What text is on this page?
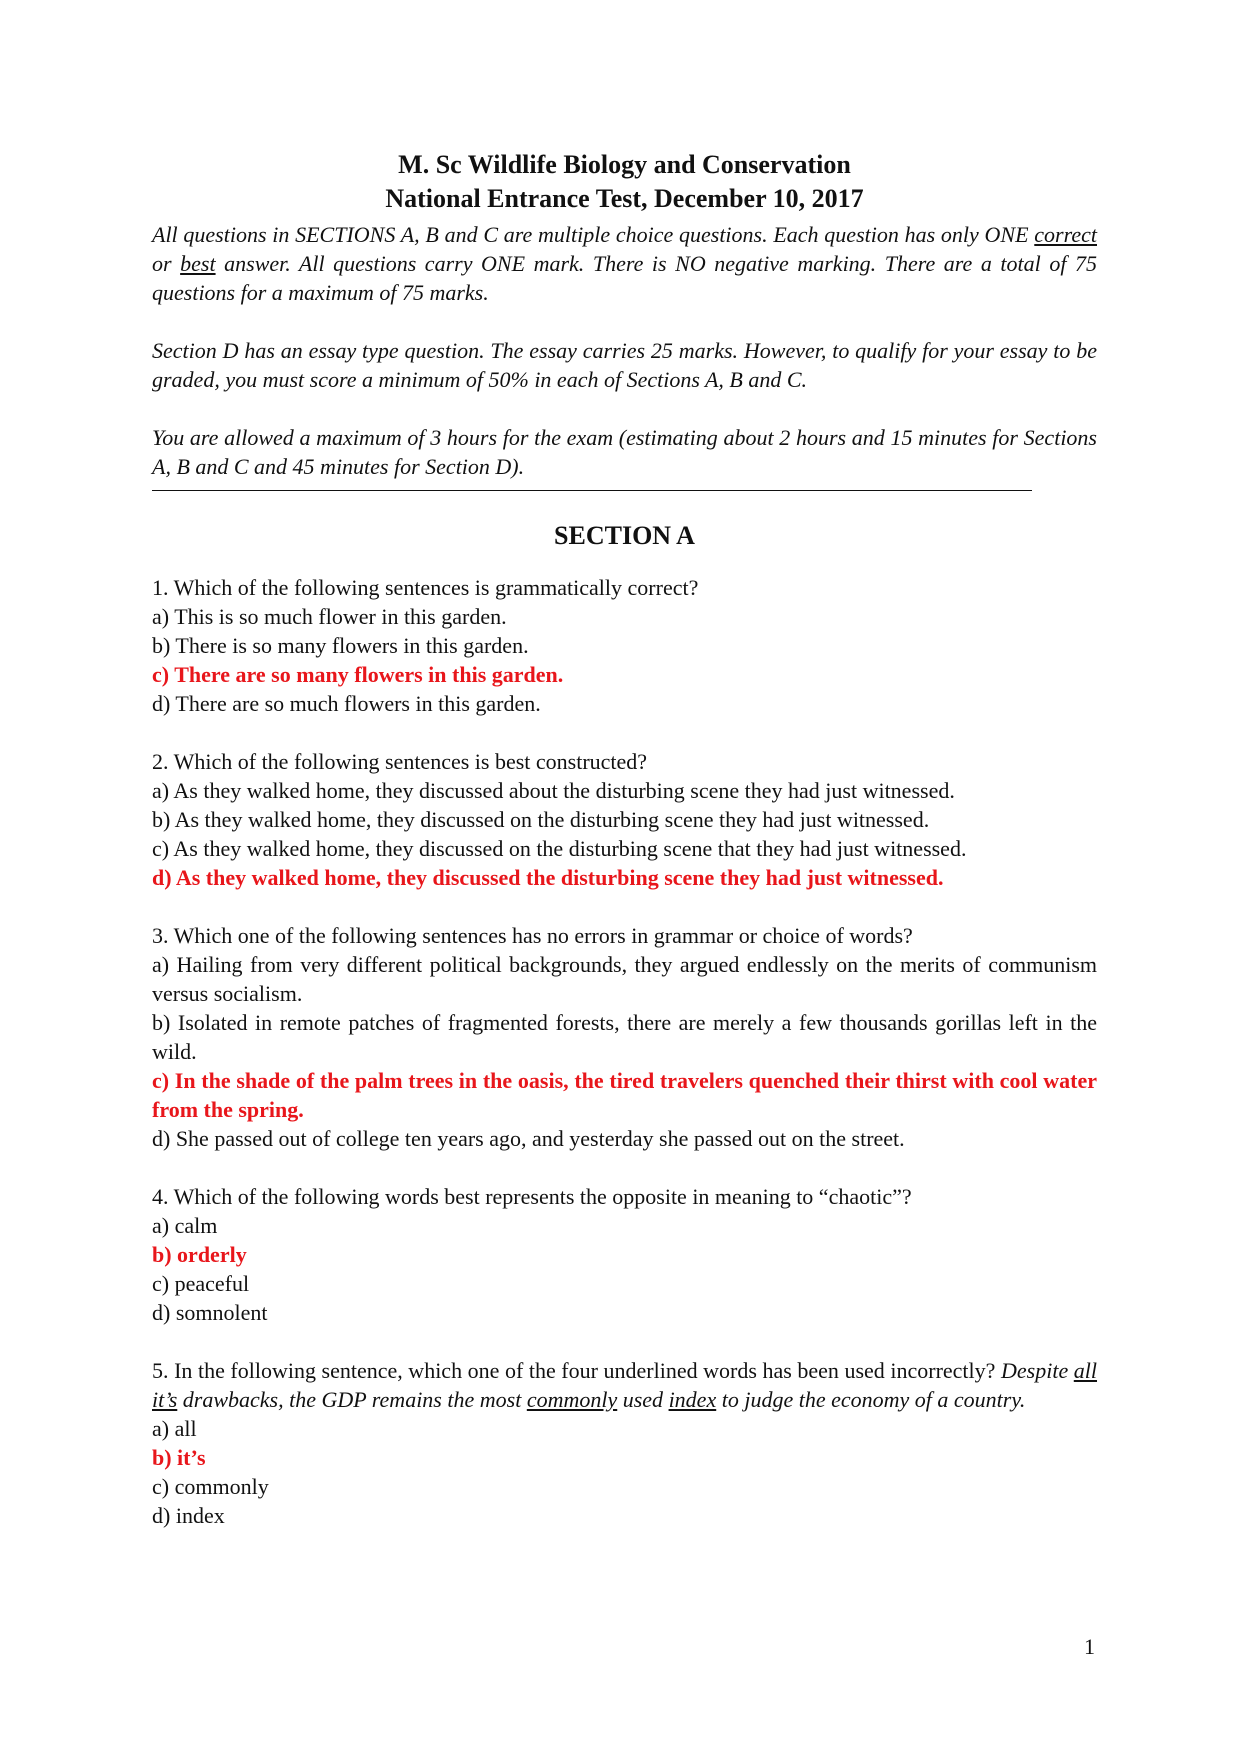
M. Sc Wildlife Biology and Conservation
National Entrance Test, December 10, 2017

All questions in SECTIONS A, B and C are multiple choice questions. Each question has only ONE correct or best answer. All questions carry ONE mark. There is NO negative marking. There are a total of 75 questions for a maximum of 75 marks.

Section D has an essay type question. The essay carries 25 marks. However, to qualify for your essay to be graded, you must score a minimum of 50% in each of Sections A, B and C.

You are allowed a maximum of 3 hours for the exam (estimating about 2 hours and 15 minutes for Sections A, B and C and 45 minutes for Section D).

SECTION A

1. Which of the following sentences is grammatically correct?

a) This is so much flower in this garden.

b) There is so many flowers in this garden.

c) There are so many flowers in this garden.

d) There are so much flowers in this garden.

2. Which of the following sentences is best constructed?

a) As they walked home, they discussed about the disturbing scene they had just witnessed.

b) As they walked home, they discussed on the disturbing scene they had just witnessed.

c) As they walked home, they discussed on the disturbing scene that they had just witnessed.

d) As they walked home, they discussed the disturbing scene they had just witnessed.

3. Which one of the following sentences has no errors in grammar or choice of words?

a) Hailing from very different political backgrounds, they argued endlessly on the merits of communism versus socialism.

b) Isolated in remote patches of fragmented forests, there are merely a few thousands gorillas left in the wild.

c) In the shade of the palm trees in the oasis, the tired travelers quenched their thirst with cool water from the spring.

d) She passed out of college ten years ago, and yesterday she passed out on the street.

4. Which of the following words best represents the opposite in meaning to “chaotic”?

a) calm

b) orderly

c) peaceful

d) somnolent

5. In the following sentence, which one of the four underlined words has been used incorrectly? Despite all it’s drawbacks, the GDP remains the most commonly used index to judge the economy of a country.

a) all

b) it’s

c) commonly

d) index

1
